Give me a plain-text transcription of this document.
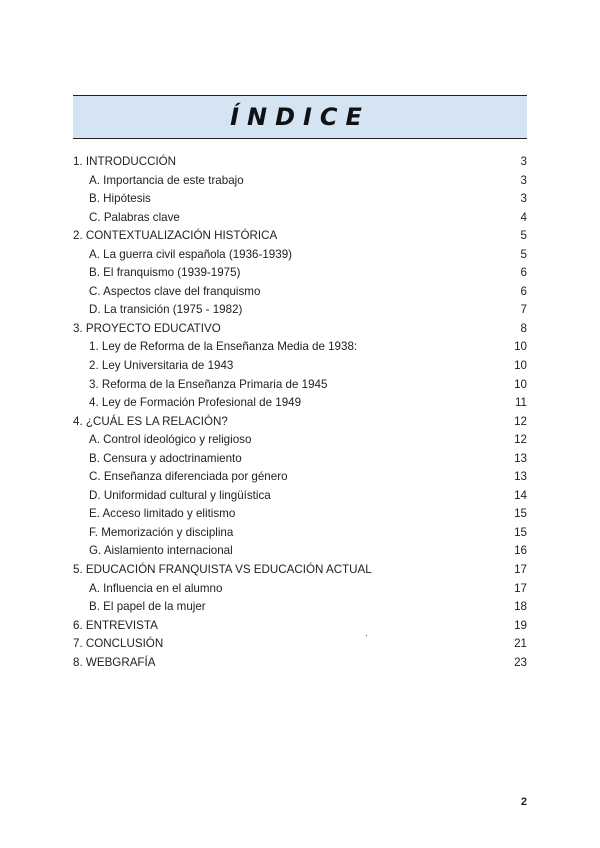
ÍNDICE
1. INTRODUCCIÓN	3
A. Importancia de este trabajo	3
B. Hipótesis	3
C. Palabras clave	4
2. CONTEXTUALIZACIÓN HISTÓRICA	5
A. La guerra civil española (1936-1939)	5
B. El franquismo (1939-1975)	6
C. Aspectos clave del franquismo	6
D. La transición (1975 - 1982)	7
3. PROYECTO EDUCATIVO	8
1. Ley de Reforma de la Enseñanza Media de 1938:	10
2. Ley Universitaria de 1943	10
3. Reforma de la Enseñanza Primaria de 1945	10
4. Ley de Formación Profesional de 1949	11
4. ¿CUÁL ES LA RELACIÓN?	12
A. Control ideológico y religioso	12
B. Censura y adoctrinamiento	13
C. Enseñanza diferenciada por género	13
D. Uniformidad cultural y lingüística	14
E. Acceso limitado y elitismo	15
F. Memorización y disciplina	15
G. Aislamiento internacional	16
5. EDUCACIÓN FRANQUISTA VS EDUCACIÓN ACTUAL	17
A. Influencia en el alumno	17
B. El papel de la mujer	18
6. ENTREVISTA	19
7. CONCLUSIÓN	21
8. WEBGRAFÍA	23
.
2
